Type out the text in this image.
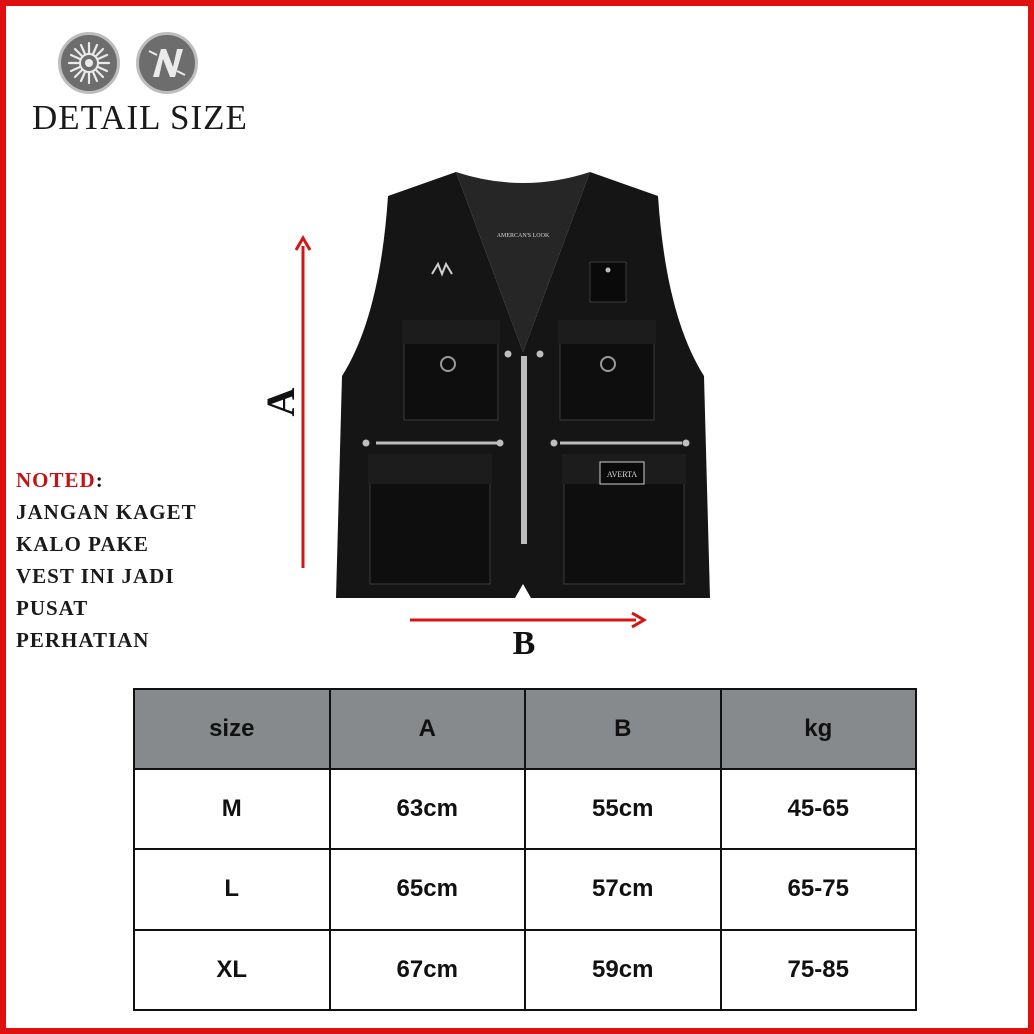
DETAIL SIZE
AVERTA
AMERCAN'S LOOK
A
B
NOTED:
JANGAN KAGET
KALO PAKE
VEST INI JADI
PUSAT
PERHATIAN
size	A	B	kg
M	63cm	55cm	45-65
L	65cm	57cm	65-75
XL	67cm	59cm	75-85
